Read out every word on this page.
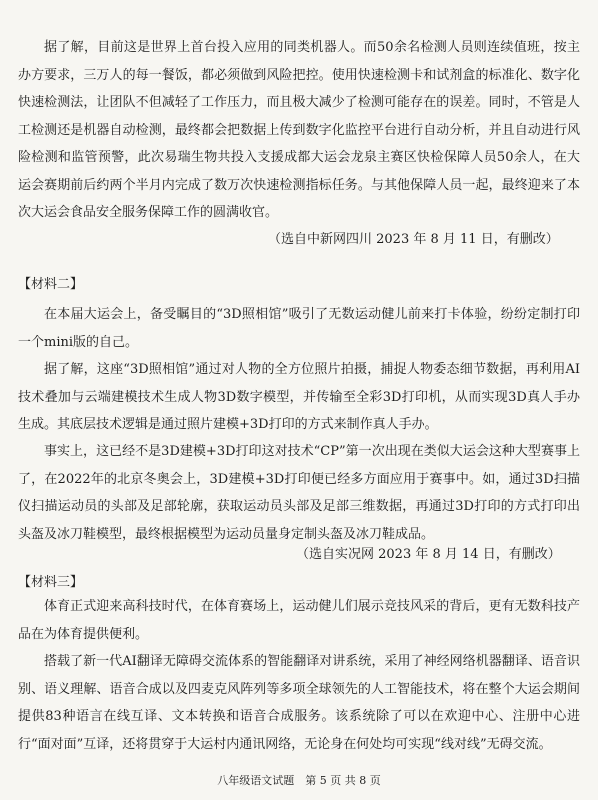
据了解，目前这是世界上首台投入应用的同类机器人。而50余名检测人员则连续值班，按主办方要求，三万人的每一餐饭，都必须做到风险把控。使用快速检测卡和试剂盒的标准化、数字化快速检测法，让团队不但减轻了工作压力，而且极大减少了检测可能存在的误差。同时，不管是人工检测还是机器自动检测，最终都会把数据上传到数字化监控平台进行自动分析，并且自动进行风险检测和监管预警，此次易瑞生物共投入支援成都大运会龙泉主赛区快检保障人员50余人，在大运会赛期前后约两个半月内完成了数万次快速检测指标任务。与其他保障人员一起，最终迎来了本次大运会食品安全服务保障工作的圆满收官。

（选自中新网四川 2023 年 8 月 11 日，有删改）
【材料二】

在本届大运会上，备受瞩目的“3D照相馆”吸引了无数运动健儿前来打卡体验，纷纷定制打印一个mini版的自己。

据了解，这座“3D照相馆”通过对人物的全方位照片拍摄，捕捉人物委态细节数据，再利用AI技术叠加与云端建模技术生成人物3D数字模型，并传输至全彩3D打印机，从而实现3D真人手办生成。其底层技术逻辑是通过照片建模+3D打印的方式来制作真人手办。

事实上，这已经不是3D建模+3D打印这对技术“CP”第一次出现在类似大运会这种大型赛事上了，在2022年的北京冬奥会上，3D建模+3D打印便已经多方面应用于赛事中。如，通过3D扫描仪扫描运动员的头部及足部轮廓，获取运动员头部及足部三维数据，再通过3D打印的方式打印出头盔及冰刀鞋模型，最终根据模型为运动员量身定制头盔及冰刀鞋成品。

（选自实况网 2023 年 8 月 14 日，有删改）
【材料三】

体育正式迎来高科技时代，在体育赛场上，运动健儿们展示竞技风采的背后，更有无数科技产品在为体育提供便利。

搭载了新一代AI翻译无障碍交流体系的智能翻译对讲系统，采用了神经网络机器翻译、语音识别、语义理解、语音合成以及四麦克风阵列等多项全球领先的人工智能技术，将在整个大运会期间提供83种语言在线互译、文本转换和语音合成服务。该系统除了可以在欢迎中心、注册中心进行“面对面”互译，还将贯穿于大运村内通讯网络，无论身在何处均可实现“线对线”无碍交流。

八年级语文试题　第 5 页 共 8 页
